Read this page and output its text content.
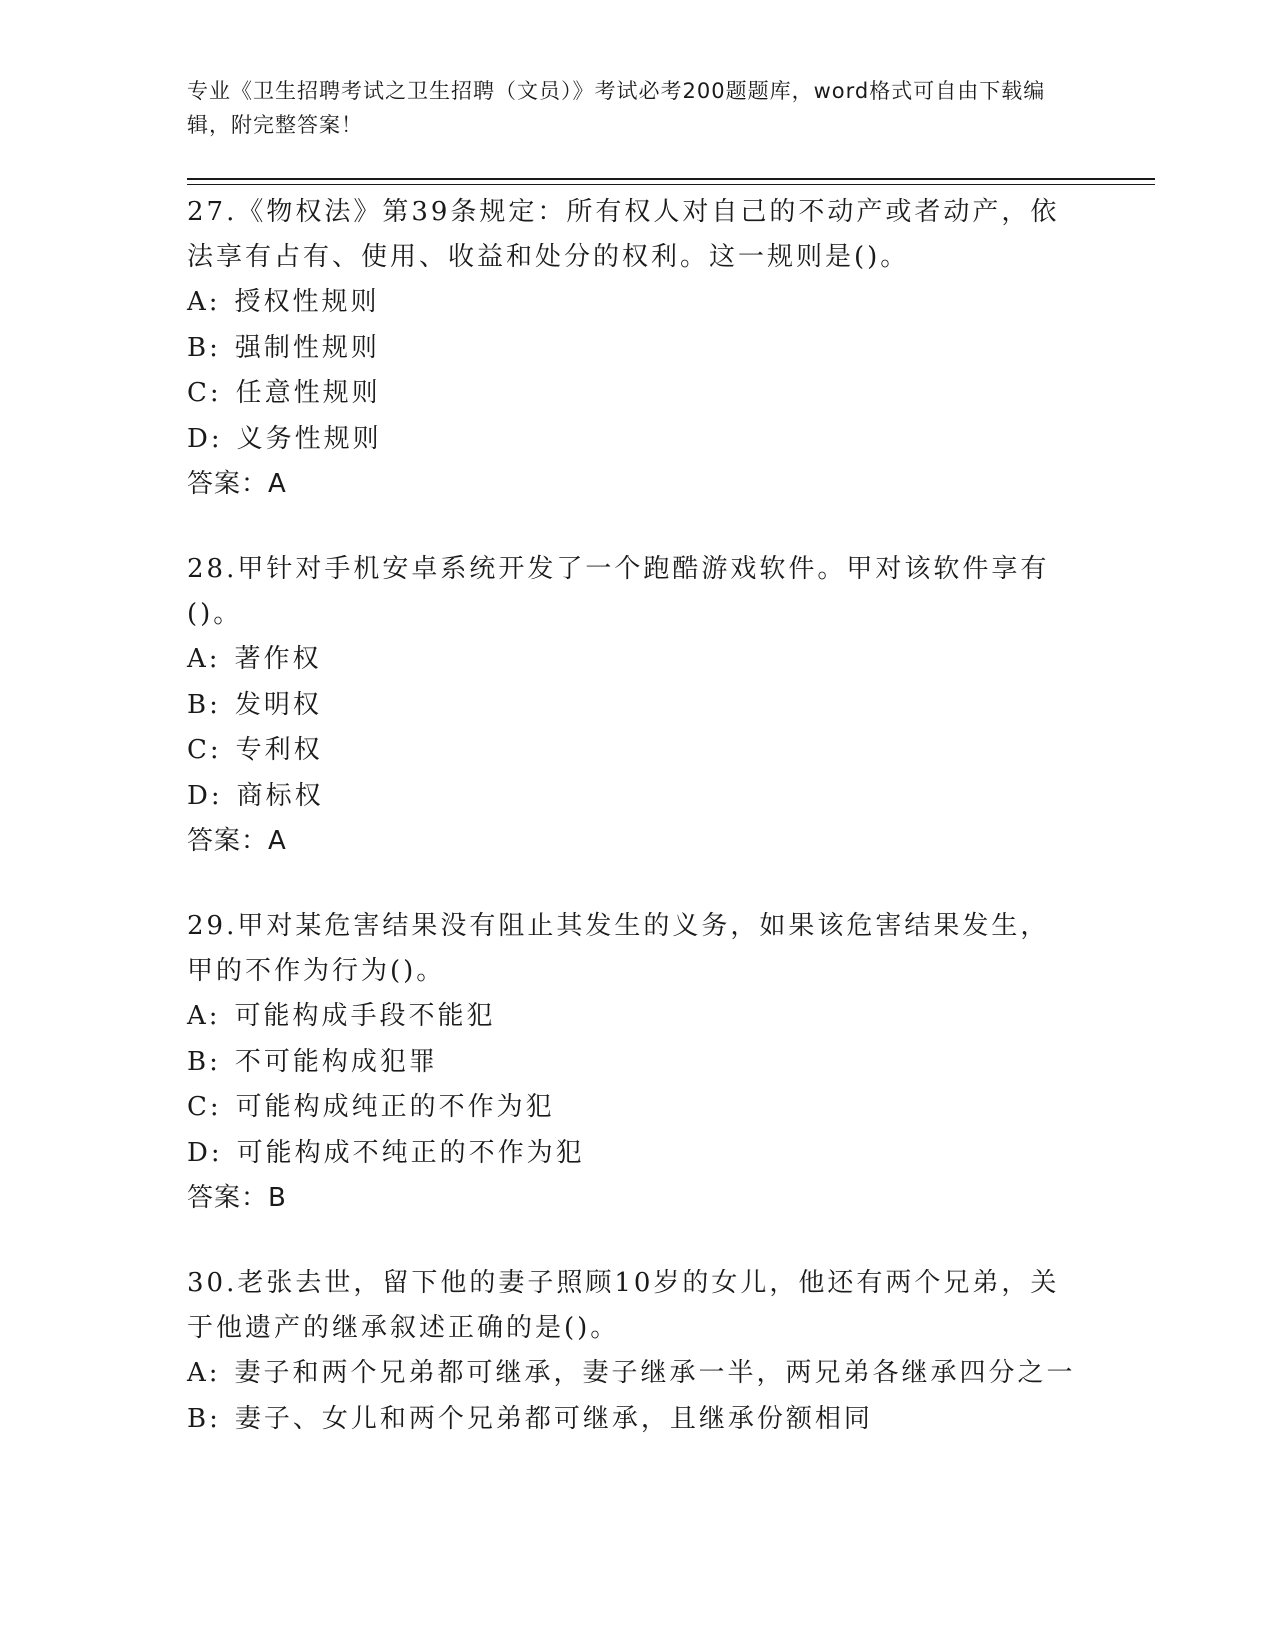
专业《卫生招聘考试之卫生招聘（文员）》考试必考200题题库，word格式可自由下载编辑，附完整答案！

27.《物权法》第39条规定：所有权人对自己的不动产或者动产，依法享有占有、使用、收益和处分的权利。这一规则是()。

A: 授权性规则

B: 强制性规则

C: 任意性规则

D: 义务性规则

答案：A

28.甲针对手机安卓系统开发了一个跑酷游戏软件。甲对该软件享有()。

A: 著作权

B: 发明权

C: 专利权

D: 商标权

答案：A

29.甲对某危害结果没有阻止其发生的义务，如果该危害结果发生，甲的不作为行为()。

A: 可能构成手段不能犯

B: 不可能构成犯罪

C: 可能构成纯正的不作为犯

D: 可能构成不纯正的不作为犯

答案：B

30.老张去世，留下他的妻子照顾10岁的女儿，他还有两个兄弟，关于他遗产的继承叙述正确的是()。

A: 妻子和两个兄弟都可继承，妻子继承一半，两兄弟各继承四分之一

B: 妻子、女儿和两个兄弟都可继承，且继承份额相同
